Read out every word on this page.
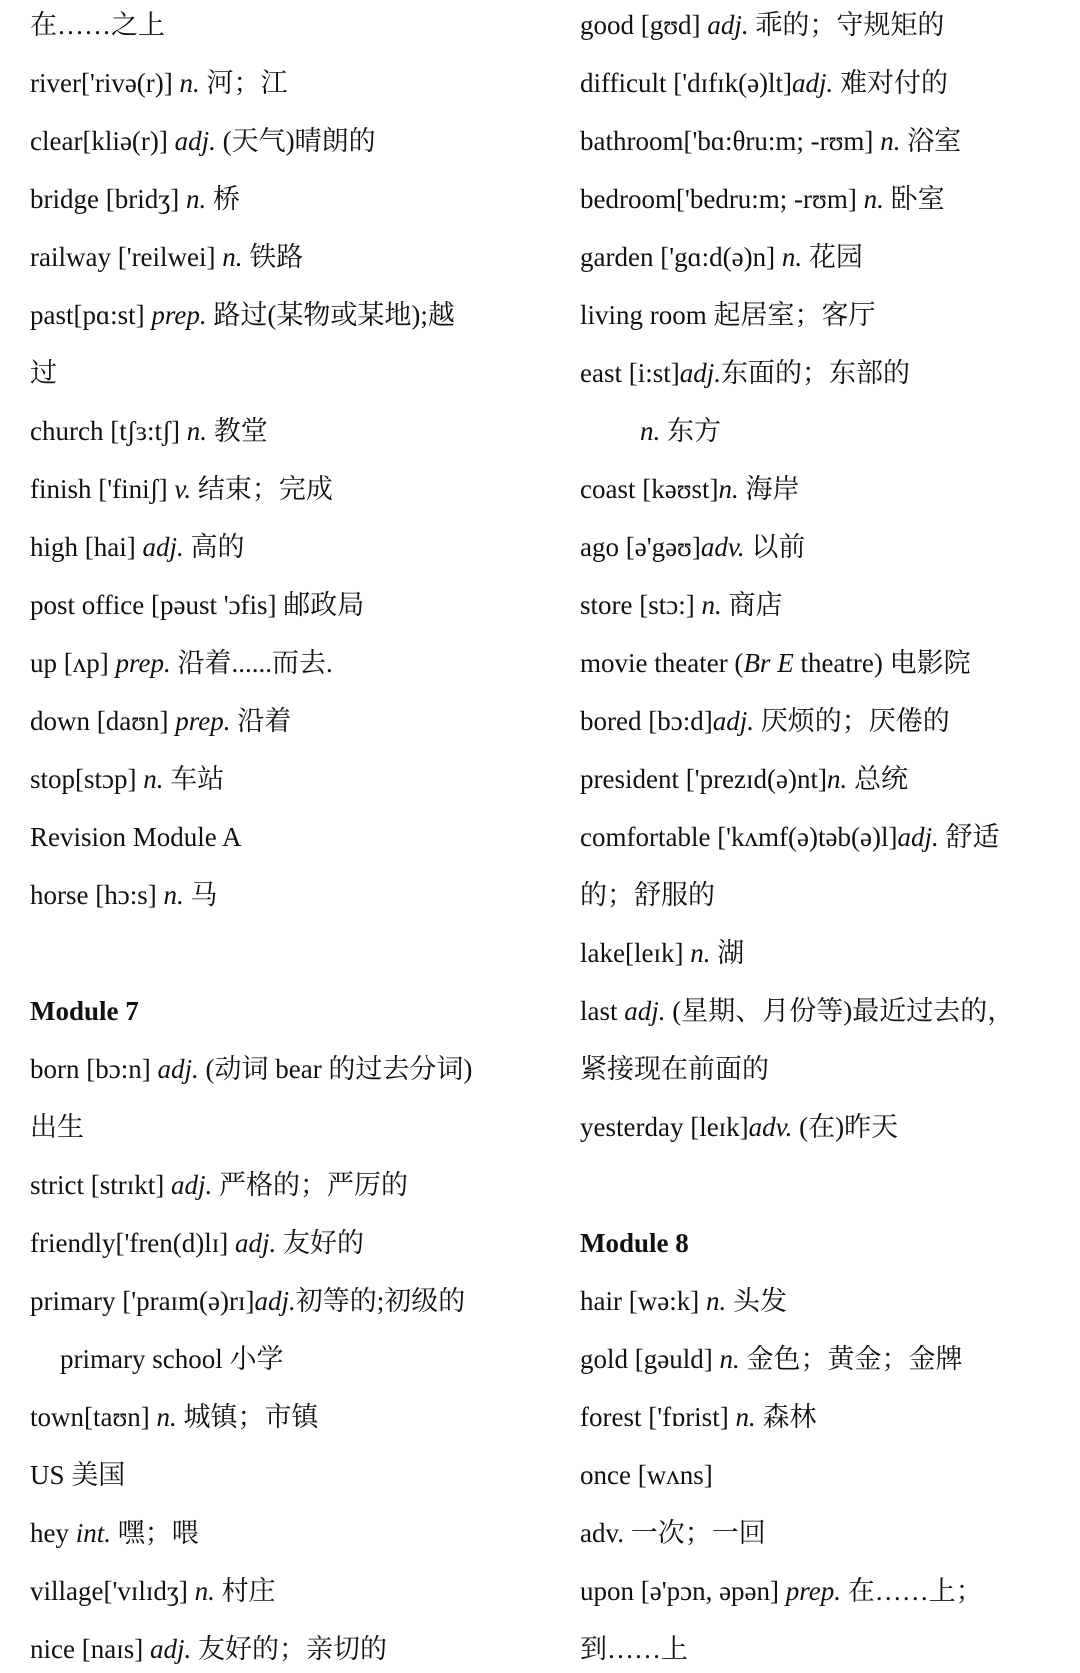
在……之上
river['rivə(r)] n. 河；江
clear[kliə(r)] adj. (天气)晴朗的
bridge [bridʒ] n. 桥
railway ['reilwei] n. 铁路
past[pɑ:st] prep. 路过(某物或某地);越
过
church [tʃɜ:tʃ] n. 教堂
finish ['finiʃ] v. 结束；完成
high [hai] adj. 高的
post office [pəust 'ɔfis] 邮政局
up [ʌp] prep. 沿着......而去.
down [daʊn] prep. 沿着
stop[stɔp] n. 车站
Revision Module A
horse [hɔ:s] n. 马
Module 7
born [bɔ:n] adj. (动词 bear 的过去分词)
出生
strict [strɪkt] adj. 严格的；严厉的
friendly['fren(d)lɪ] adj. 友好的
primary ['praɪm(ə)rɪ]adj.初等的;初级的
primary school 小学
town[taʊn] n. 城镇；市镇
US 美国
hey int. 嘿；喂
village['vɪlɪdʒ] n. 村庄
nice [naɪs] adj. 友好的；亲切的
good [gʊd] adj. 乖的；守规矩的
difficult ['dɪfɪk(ə)lt]adj. 难对付的
bathroom['bɑ:θru:m; -rʊm] n. 浴室
bedroom['bedru:m; -rʊm] n. 卧室
garden ['gɑ:d(ə)n] n. 花园
living room 起居室；客厅
east [i:st]adj.东面的；东部的
n. 东方
coast [kəʊst]n. 海岸
ago [ə'gəʊ]adv. 以前
store [stɔ:] n. 商店
movie theater (Br E theatre) 电影院
bored [bɔ:d]adj. 厌烦的；厌倦的
president ['prezɪd(ə)nt]n. 总统
comfortable ['kʌmf(ə)təb(ə)l]adj. 舒适
的；舒服的
lake[leɪk] n. 湖
last adj. (星期、月份等)最近过去的，
紧接现在前面的
yesterday [leɪk]adv. (在)昨天
Module 8
hair [wə:k] n. 头发
gold [gəuld] n. 金色；黄金；金牌
forest ['fɒrist] n. 森林
once [wʌns]
adv. 一次；一回
upon [ə'pɔn, əpən] prep. 在……上；
到……上
